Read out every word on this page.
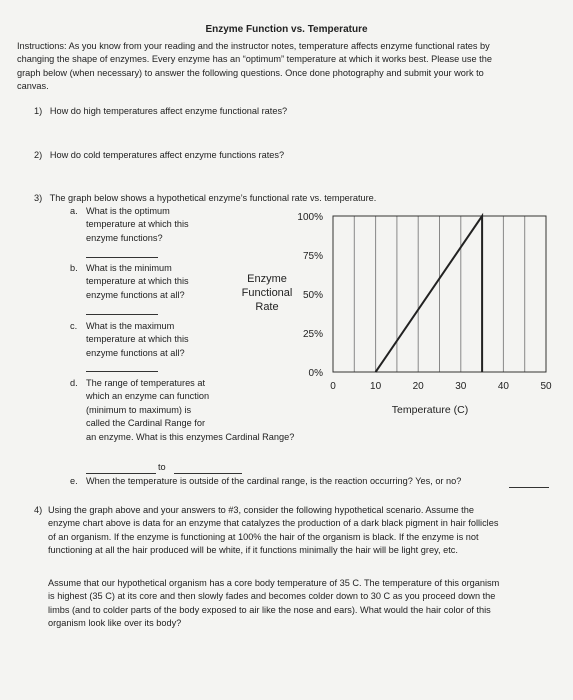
Enzyme Function vs. Temperature
Instructions: As you know from your reading and the instructor notes, temperature affects enzyme functional rates by
changing the shape of enzymes. Every enzyme has an “optimum” temperature at which it works best. Please use the
graph below (when necessary) to answer the following questions. Once done photography and submit your work to
canvas.
1) How do high temperatures affect enzyme functional rates?
2) How do cold temperatures affect enzyme functions rates?
3) The graph below shows a hypothetical enzyme’s functional rate vs. temperature.
a. What is the optimum
temperature at which this
enzyme functions?
b. What is the minimum
temperature at which this
enzyme functions at all?
c. What is the maximum
temperature at which this
enzyme functions at all?
d. The range of temperatures at
which an enzyme can function
(minimum to maximum) is
called the Cardinal Range for
an enzyme. What is this enzymes Cardinal Range?
to
e. When the temperature is outside of the cardinal range, is the reaction occurring? Yes, or no?
4) Using the graph above and your answers to #3, consider the following hypothetical scenario. Assume the
enzyme chart above is data for an enzyme that catalyzes the production of a dark black pigment in hair follicles
of an organism. If the enzyme is functioning at 100% the hair of the organism is black. If the enzyme is not
functioning at all the hair produced will be white, if it functions minimally the hair will be light grey, etc.
Assume that our hypothetical organism has a core body temperature of 35 C. The temperature of this organism
is highest (35 C) at its core and then slowly fades and becomes colder down to 30 C as you proceed down the
limbs (and to colder parts of the body exposed to air like the nose and ears). What would the hair color of this
organism look like over its body?
0%
25%
50%
75%
100%
0	10	20	30	40	50
Temperature (C)
Enzyme
Functional
Rate
